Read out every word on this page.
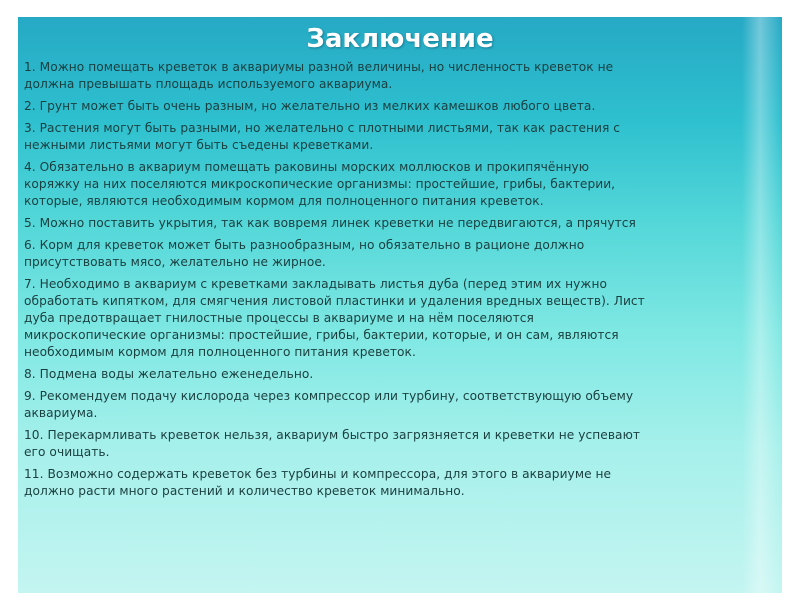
Заключение

1. Можно помещать креветок в аквариумы разной величины, но численность креветок не
должна превышать площадь используемого аквариума.

2. Грунт может быть очень разным, но желательно из мелких камешков любого цвета.

3. Растения могут быть разными, но желательно с плотными листьями, так как растения с
нежными листьями могут быть съедены креветками.

4. Обязательно в аквариум помещать раковины морских моллюсков и прокипячённую
коряжку на них поселяются микроскопические организмы: простейшие, грибы, бактерии,
которые, являются необходимым кормом для полноценного питания креветок.

5. Можно поставить укрытия, так как вовремя линек креветки не передвигаются, а прячутся

6. Корм для креветок может быть разнообразным, но обязательно в рационе должно
присутствовать мясо, желательно не жирное.

7. Необходимо в аквариум с креветками закладывать листья дуба (перед этим их нужно
обработать кипятком, для смягчения листовой пластинки и удаления вредных веществ). Лист
дуба предотвращает гнилостные процессы в аквариуме и на нём поселяются
микроскопические организмы: простейшие, грибы, бактерии, которые, и он сам, являются
необходимым кормом для полноценного питания креветок.

8. Подмена воды желательно еженедельно.

9. Рекомендуем подачу кислорода через компрессор или турбину, соответствующую объему
аквариума.

10. Перекармливать креветок нельзя, аквариум быстро загрязняется и креветки не успевают
его очищать.

11. Возможно содержать креветок без турбины и компрессора, для этого в аквариуме не
должно расти много растений и количество креветок минимально.
